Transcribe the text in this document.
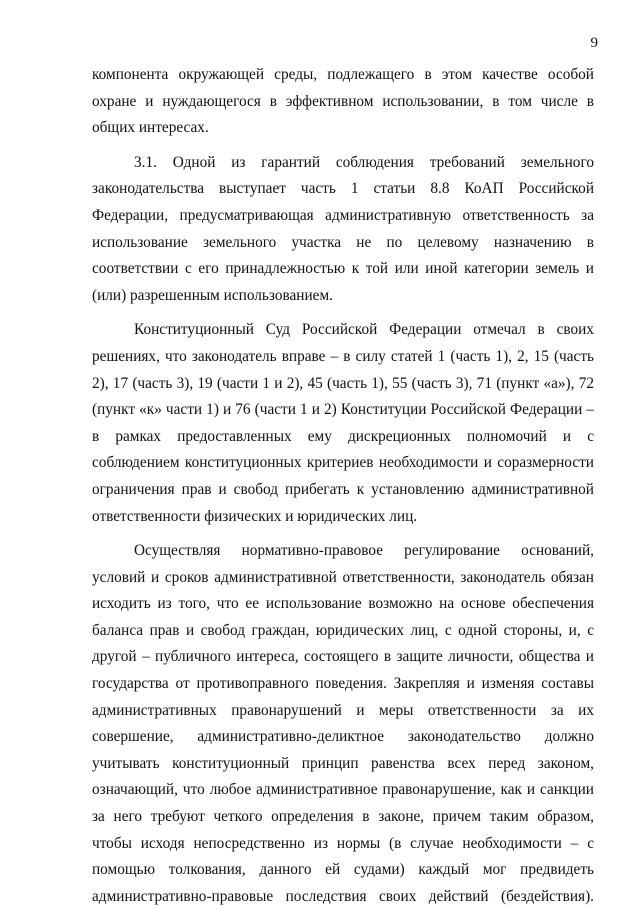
9
компонента окружающей среды, подлежащего в этом качестве особой
охране и нуждающегося в эффективном использовании, в том числе в
общих интересах.
3.1. Одной из гарантий соблюдения требований земельного
законодательства выступает часть 1 статьи 8.8 КоАП Российской
Федерации, предусматривающая административную ответственность за
использование земельного участка не по целевому назначению в
соответствии с его принадлежностью к той или иной категории земель и
(или) разрешенным использованием.
Конституционный Суд Российской Федерации отмечал в своих
решениях, что законодатель вправе – в силу статей 1 (часть 1), 2, 15 (часть
2), 17 (часть 3), 19 (части 1 и 2), 45 (часть 1), 55 (часть 3), 71 (пункт «а»), 72
(пункт «к» части 1) и 76 (части 1 и 2) Конституции Российской Федерации –
в рамках предоставленных ему дискреционных полномочий и с
соблюдением конституционных критериев необходимости и соразмерности
ограничения прав и свобод прибегать к установлению административной
ответственности физических и юридических лиц.
Осуществляя нормативно-правовое регулирование оснований,
условий и сроков административной ответственности, законодатель обязан
исходить из того, что ее использование возможно на основе обеспечения
баланса прав и свобод граждан, юридических лиц, с одной стороны, и, с
другой – публичного интереса, состоящего в защите личности, общества и
государства от противоправного поведения. Закрепляя и изменяя составы
административных правонарушений и меры ответственности за их
совершение, административно-деликтное законодательство должно
учитывать конституционный принцип равенства всех перед законом,
означающий, что любое административное правонарушение, как и санкции
за него требуют четкого определения в законе, причем таким образом,
чтобы исходя непосредственно из нормы (в случае необходимости – с
помощью толкования, данного ей судами) каждый мог предвидеть
административно-правовые последствия своих действий (бездействия).
